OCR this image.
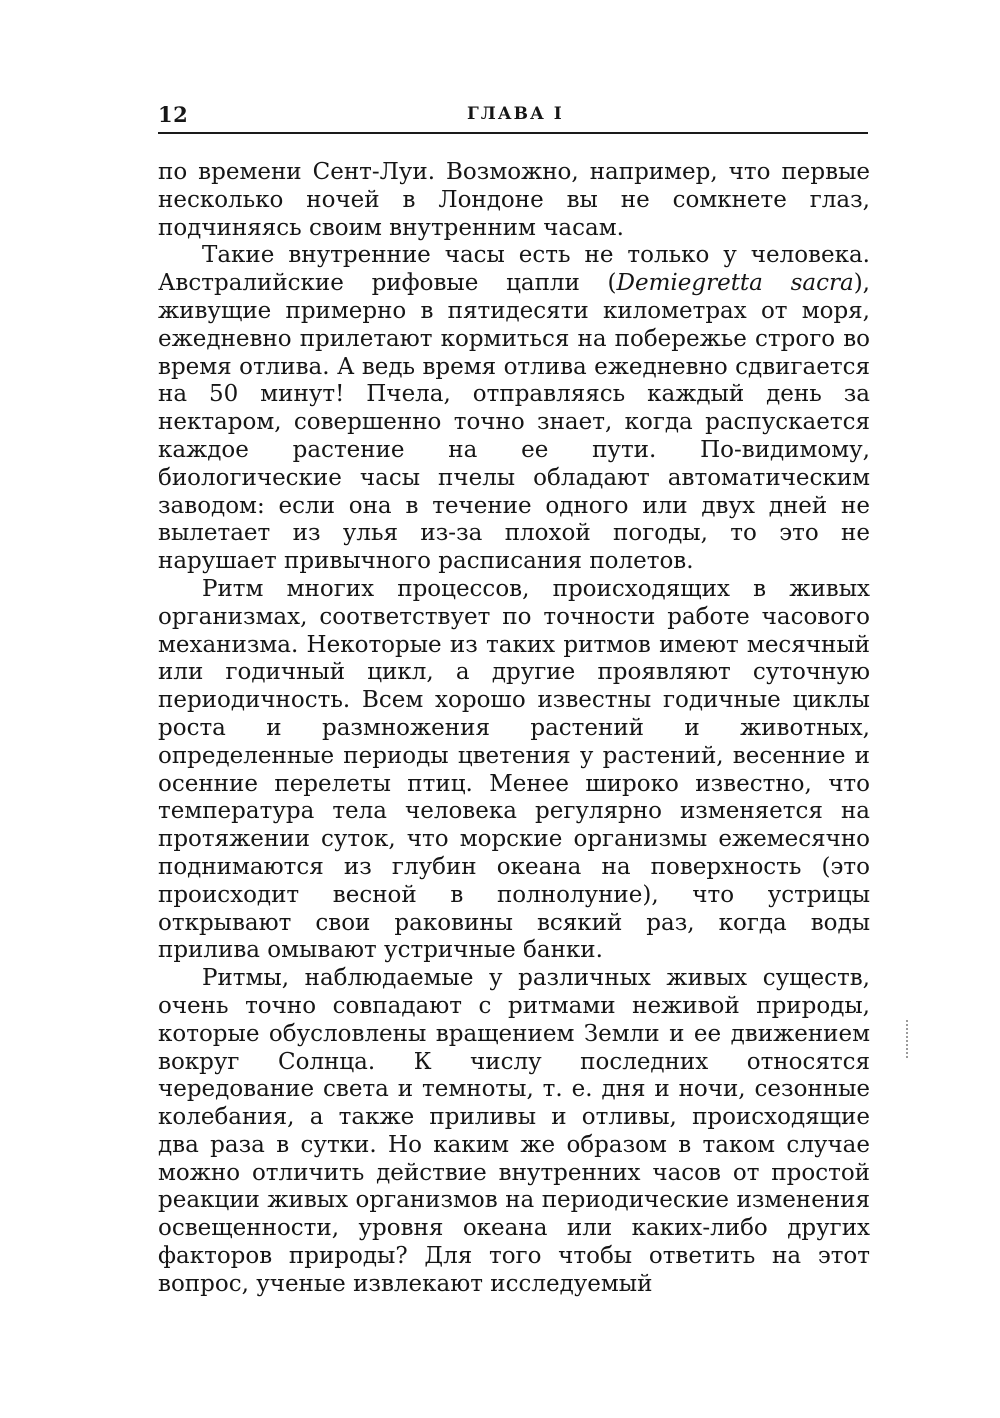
12	ГЛАВА I

по времени Сент-Луи. Возможно, например, что первые несколько ночей в Лондоне вы не сомкнете глаз, подчиняясь своим внутренним часам.

Такие внутренние часы есть не только у человека. Австралийские рифовые цапли (Demiegretta sacra), живущие примерно в пятидесяти километрах от моря, ежедневно прилетают кормиться на побережье строго во время отлива. А ведь время отлива ежедневно сдвигается на 50 минут! Пчела, отправляясь каждый день за нектаром, совершенно точно знает, когда распускается каждое растение на ее пути. По-видимому, биологические часы пчелы обладают автоматическим заводом: если она в течение одного или двух дней не вылетает из улья из-за плохой погоды, то это не нарушает привычного расписания полетов.

Ритм многих процессов, происходящих в живых организмах, соответствует по точности работе часового механизма. Некоторые из таких ритмов имеют месячный или годичный цикл, а другие проявляют суточную периодичность. Всем хорошо известны годичные циклы роста и размножения растений и животных, определенные периоды цветения у растений, весенние и осенние перелеты птиц. Менее широко известно, что температура тела человека регулярно изменяется на протяжении суток, что морские организмы ежемесячно поднимаются из глубин океана на поверхность (это происходит весной в полнолуние), что устрицы открывают свои раковины всякий раз, когда воды прилива омывают устричные банки.

Ритмы, наблюдаемые у различных живых существ, очень точно совпадают с ритмами неживой природы, которые обусловлены вращением Земли и ее движением вокруг Солнца. К числу последних относятся чередование света и темноты, т. е. дня и ночи, сезонные колебания, а также приливы и отливы, происходящие два раза в сутки. Но каким же образом в таком случае можно отличить действие внутренних часов от простой реакции живых организмов на периодические изменения освещенности, уровня океана или каких-либо других факторов природы? Для того чтобы ответить на этот вопрос, ученые извлекают исследуемый
